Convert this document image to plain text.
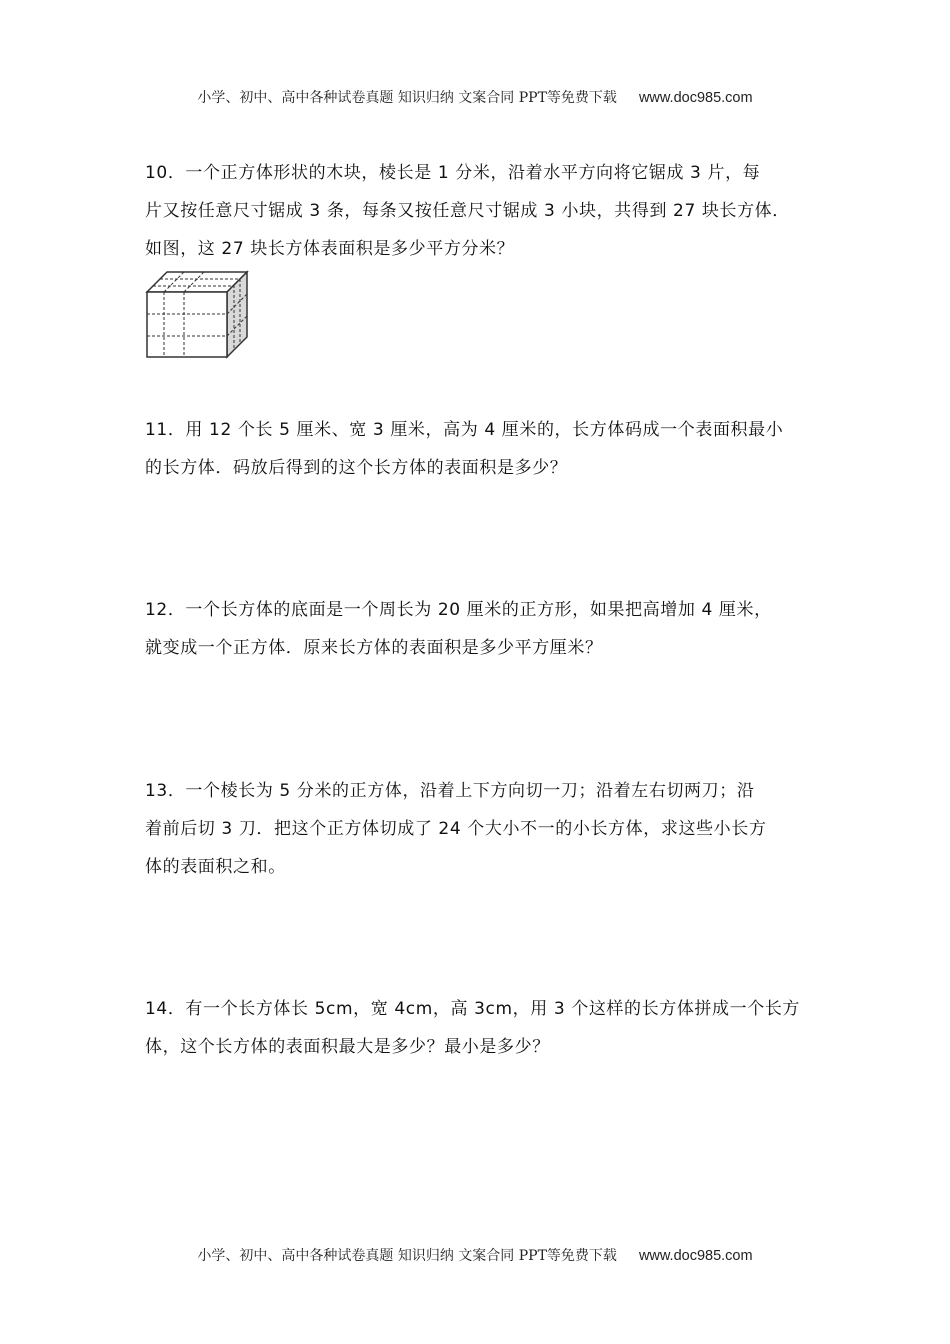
小学、初中、高中各种试卷真题 知识归纳 文案合同 PPT等免费下载 www.doc985.com

10．一个正方体形状的木块，棱长是 1 分米，沿着水平方向将它锯成 3 片，每

片又按任意尺寸锯成 3 条，每条又按任意尺寸锯成 3 小块，共得到 27 块长方体．

如图，这 27 块长方体表面积是多少平方分米？

11．用 12 个长 5 厘米、宽 3 厘米，高为 4 厘米的，长方体码成一个表面积最小

的长方体．码放后得到的这个长方体的表面积是多少？

12．一个长方体的底面是一个周长为 20 厘米的正方形，如果把高增加 4 厘米，

就变成一个正方体．原来长方体的表面积是多少平方厘米？

13．一个棱长为 5 分米的正方体，沿着上下方向切一刀；沿着左右切两刀；沿

着前后切 3 刀．把这个正方体切成了 24 个大小不一的小长方体，求这些小长方

体的表面积之和。

14．有一个长方体长 5cm，宽 4cm，高 3cm，用 3 个这样的长方体拼成一个长方

体，这个长方体的表面积最大是多少？最小是多少？

小学、初中、高中各种试卷真题 知识归纳 文案合同 PPT等免费下载 www.doc985.com
